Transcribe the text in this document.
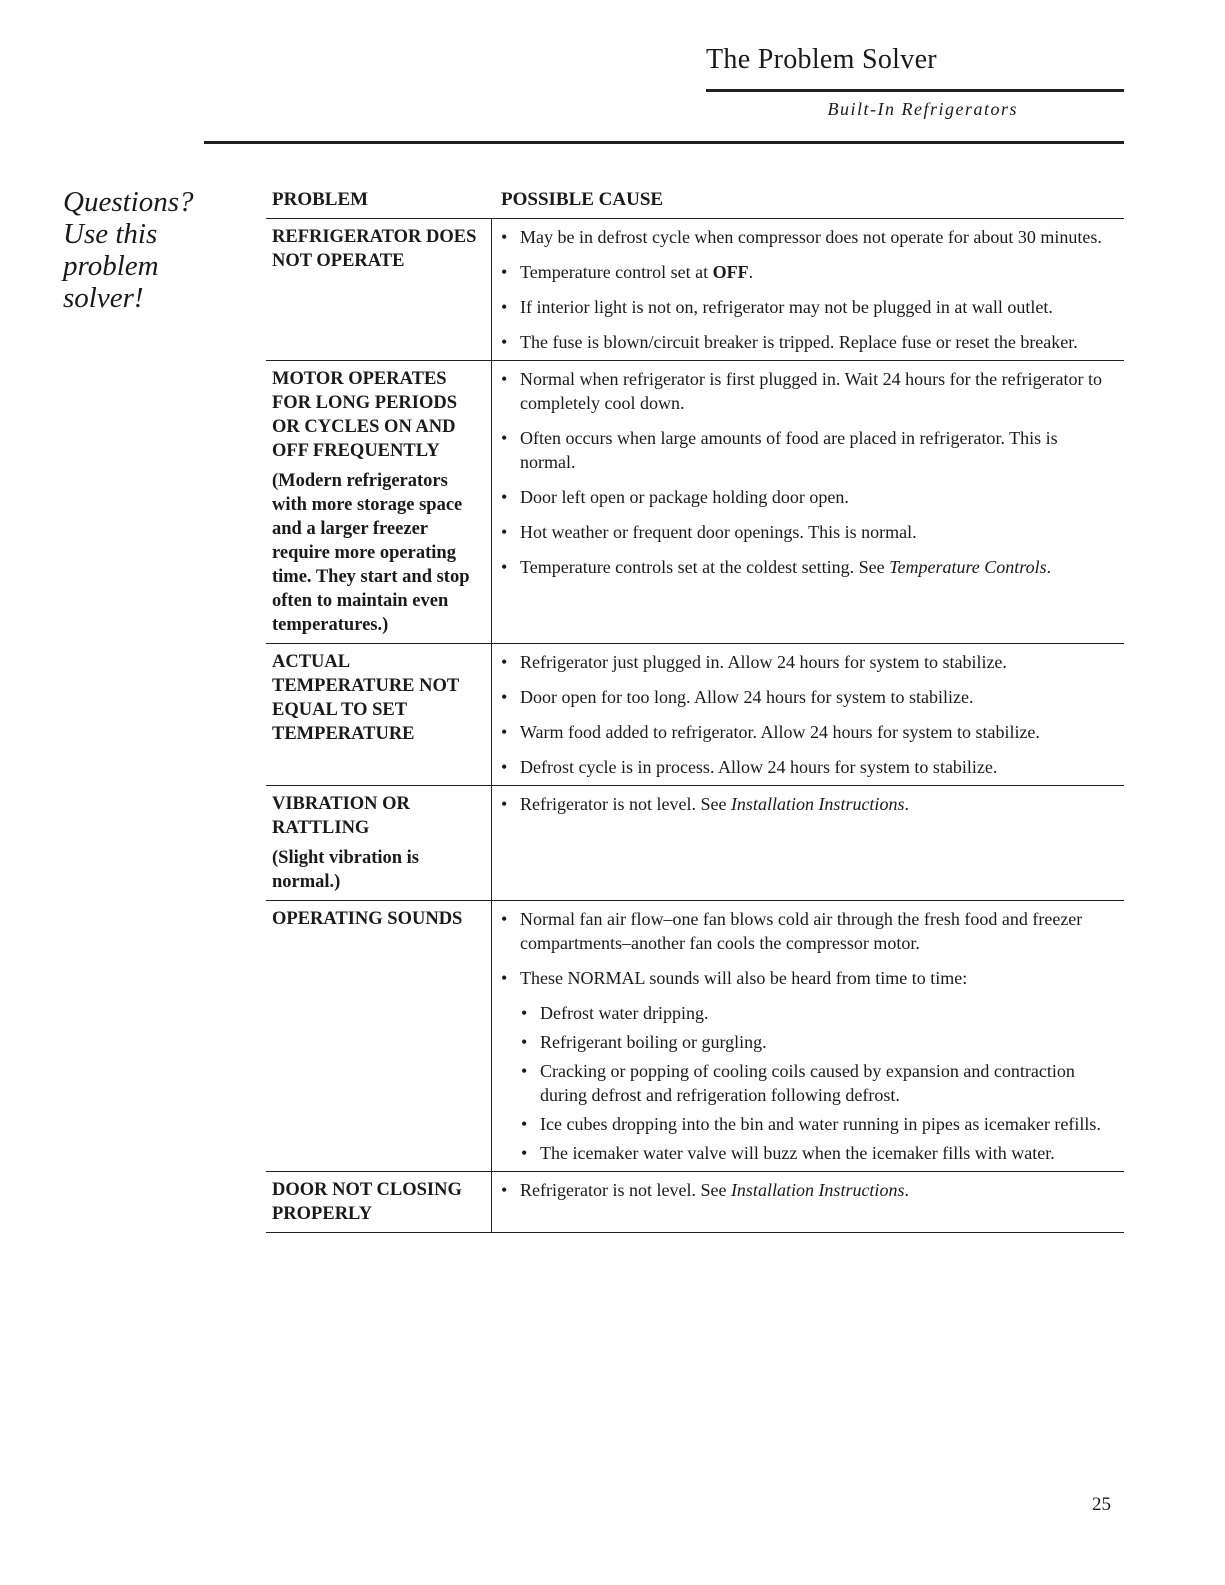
The Problem Solver
Built-In Refrigerators
Questions?
Use this
problem
solver!
PROBLEM	POSSIBLE CAUSE
REFRIGERATOR DOES NOT OPERATE
• May be in defrost cycle when compressor does not operate for about 30 minutes.
• Temperature control set at OFF.
• If interior light is not on, refrigerator may not be plugged in at wall outlet.
• The fuse is blown/circuit breaker is tripped. Replace fuse or reset the breaker.
MOTOR OPERATES FOR LONG PERIODS OR CYCLES ON AND OFF FREQUENTLY
(Modern refrigerators with more storage space and a larger freezer require more operating time. They start and stop often to maintain even temperatures.)
• Normal when refrigerator is first plugged in. Wait 24 hours for the refrigerator to completely cool down.
• Often occurs when large amounts of food are placed in refrigerator. This is normal.
• Door left open or package holding door open.
• Hot weather or frequent door openings. This is normal.
• Temperature controls set at the coldest setting. See Temperature Controls.
ACTUAL TEMPERATURE NOT EQUAL TO SET TEMPERATURE
• Refrigerator just plugged in. Allow 24 hours for system to stabilize.
• Door open for too long. Allow 24 hours for system to stabilize.
• Warm food added to refrigerator. Allow 24 hours for system to stabilize.
• Defrost cycle is in process. Allow 24 hours for system to stabilize.
VIBRATION OR RATTLING
(Slight vibration is normal.)
• Refrigerator is not level. See Installation Instructions.
OPERATING SOUNDS
•	Normal fan air flow–one fan blows cold air through the fresh food and freezer compartments–another fan cools the compressor motor.
• These NORMAL sounds will also be heard from time to time:
• Defrost water dripping.
• Refrigerant boiling or gurgling.
• Cracking or popping of cooling coils caused by expansion and contraction during defrost and refrigeration following defrost.
• Ice cubes dropping into the bin and water running in pipes as icemaker refills.
• The icemaker water valve will buzz when the icemaker fills with water.
DOOR NOT CLOSING PROPERLY
• Refrigerator is not level. See Installation Instructions.
25
